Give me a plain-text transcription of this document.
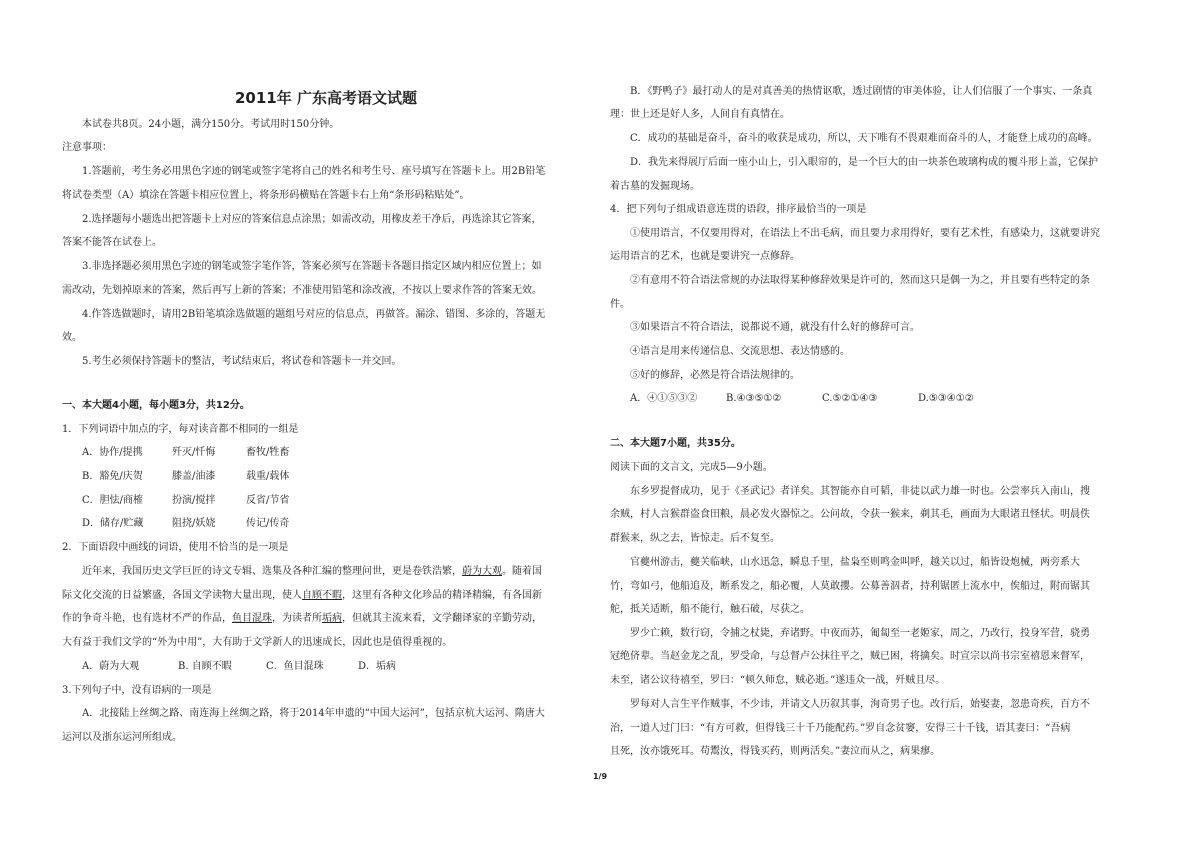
2011年 广东高考语文试题
本试卷共8页。24小题，满分150分。考试用时150分钟。
注意事项：
1.答题前，考生务必用黑色字迹的钢笔或签字笔将自己的姓名和考生号、座号填写在答题卡上。用2B铅笔
将试卷类型（A）填涂在答题卡相应位置上，将条形码横贴在答题卡右上角“条形码粘贴处”。
2.选择题每小题选出把答题卡上对应的答案信息点涂黑；如需改动，用橡皮差干净后，再选涂其它答案，
答案不能答在试卷上。
3.非选择题必须用黑色字迹的钢笔或签字笔作答，答案必须写在答题卡各题目指定区域内相应位置上；如
需改动，先划掉原来的答案，然后再写上新的答案；不准使用铅笔和涂改液，不按以上要求作答的答案无效。
4.作答选做题时，请用2B铅笔填涂选做题的题组号对应的信息点，再做答。漏涂、错图、多涂的，答题无
效。
5.考生必须保持答题卡的整洁，考试结束后，将试卷和答题卡一并交回。
一、本大题4小题，每小题3分，共12分。
1．下列词语中加点的字，每对读音都不相同的一组是
A．协作/提携	歼灭/忏悔	畜牧/牲畜
B．豁免/庆贺	膝盖/油漆	载重/载体
C．胆怯/商榷	扮演/搅拌	反省/节省
D．储存/贮藏	阻挠/妖娆	传记/传奇
2．下面语段中画线的词语，使用不恰当的是一项是
近年来，我国历史文学巨匠的诗文专辑、选集及各种汇编的整理问世，更是卷铁浩繁，蔚为大观。随着国
际文化交流的日益繁盛，各国文学读物大量出现，使人自顾不暇，这里有各种文化珍品的精译精编，有各国新
作的争奇斗艳，也有选材不严的作品，鱼目混珠，为读者所垢病，但就其主流来看，文学翻译家的辛勤劳动，
大有益于我们文学的“外为中用”，大有助于文学新人的迅速成长，因此也是值得重视的。
A．蔚为大观	B. 自顾不暇	C．鱼目混珠	D．垢病
3.下列句子中，没有语病的一项是
A．北接陆上丝绸之路、南连海上丝绸之路，将于2014年申遗的“中国大运河”，包括京杭大运河、隋唐大
运河以及浙东运河所组成。
B．《野鸭子》最打动人的是对真善美的热情讴歌，透过剧情的审美体验，让人们信服了一个事实、一条真
理：世上还是好人多，人间自有真情在。
C．成功的基础是奋斗，奋斗的收获是成功，所以，天下唯有不畏艰难而奋斗的人，才能登上成功的高峰。
D．我先来得展厅后面一座小山上，引入眼帘的，是一个巨大的由一块茶色玻璃构成的覆斗形上盖，它保护
着古墓的发掘现场。
4．把下列句子组成语意连贯的语段，排序最恰当的一项是
①使用语言，不仅要用得对，在语法上不出毛病，而且要力求用得好，要有艺术性，有感染力，这就要讲究
运用语言的艺术，也就是要讲究一点修辞。
②有意用不符合语法常规的办法取得某种修辞效果是许可的，然而这只是偶一为之，并且要有些特定的条
件。
③如果语言不符合语法，说都说不通，就没有什么好的修辞可言。
④语言是用来传递信息、交流思想、表达情感的。
⑤好的修辞，必然是符合语法规律的。
A．④①⑤③②	B.④③⑤①②	C.⑤②①④③	D.⑤③④①②
二、本大题7小题，共35分。
阅读下面的文言文，完成5—9小题。
东乡罗提督成功，见于《圣武记》者详矣。其智能亦自可韬，非徒以武力雄一时也。公尝率兵入南山，搜
余贼，村人言猴群盗食田粮，晨必发火器惊之。公问故，令获一猴来，剃其毛，画面为大眼诸丑怪状。明晨佚
群猴来，纵之去，皆惊走。后不复至。
官夔州游击，夔关临峡，山水迅急，瞬息千里，盐枭至则鸣金叫呼，越关以过，船皆设炮械，两旁系大
竹，弯如弓，他船追及，断系发之，船必覆，人莫敢攖。公募善泅者，持利锯匿上流水中，俟船过，附而锯其
舵，抵关适断，船不能行，触石破，尽获之。
罗少亡赖，数行窃，令捕之杖毙，弃诸野。中夜而苏，匍匐至一老姬家，周之，乃改行，投身军营，骁勇
冠绝侪辈。当赵金龙之乱，罗受命，与总督卢公抹往平之，贼已困，将擒矣。时宣宗以尚书宗室禧恩来督军，
未至，诸公议待禧至，罗曰：“顿久师怠，贼必逝。”遂违众一战，歼贼且尽。
罗每对人言生平作贼事，不少讳，并请文人历叙其事，洵奇男子也。改行后，始娶妻，忽患奇疾，百方不
治，一道人过门曰：“有方可救，但得钱三十千乃能配药。”罗自念贫窭，安得三十千钱，语其妻曰：“吾病
且死，汝亦饿死耳。苟鬻汝，得钱买药，则两活矣。”妻泣而从之，病果瘳。
1/9
